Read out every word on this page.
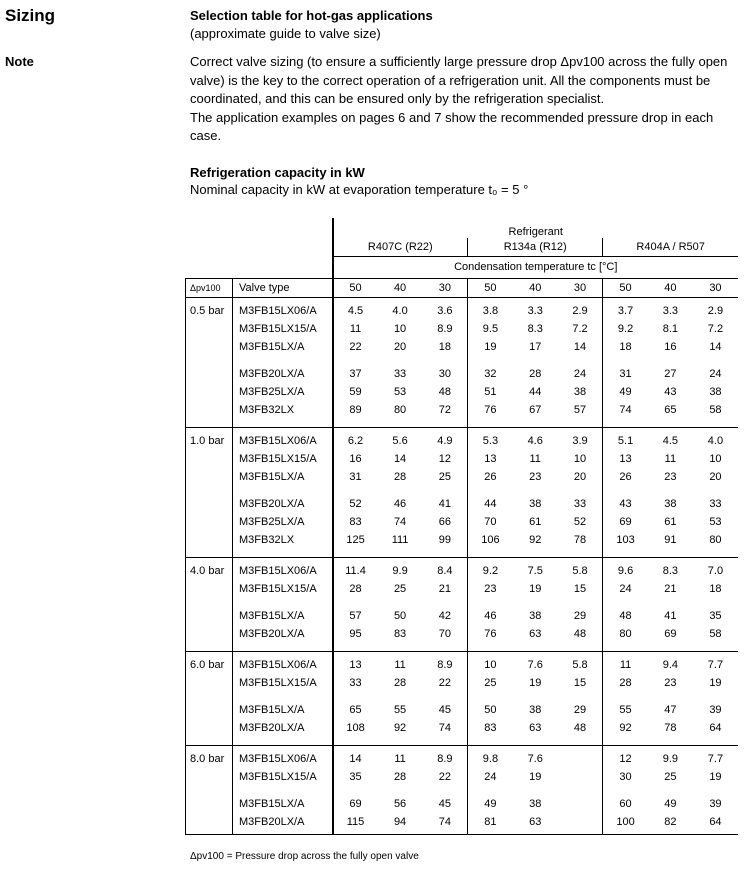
Sizing	Selection table for hot-gas applications
(approximate guide to valve size)
Note	Correct valve sizing (to ensure a sufficiently large pressure drop Δpv100 across the fully open valve) is the key to the correct operation of a refrigeration unit. All the components must be coordinated, and this can be ensured only by the refrigeration specialist.
The application examples on pages 6 and 7 show the recommended pressure drop in each case.
Refrigeration capacity in kW
Nominal capacity in kW at evaporation temperature t₀ = 5 °
		Refrigerant								
		R407C (R22)			R134a (R12)			R404A / R507		
		Condensation temperature tc [°C]								
Δpv100	Valve type	50	40	30	50	40	30	50	40	30

0.5 bar	M3FB15LX06/A	4.5	4.0	3.6	3.8	3.3	2.9	3.7	3.3	2.9
	M3FB15LX15/A	11	10	8.9	9.5	8.3	7.2	9.2	8.1	7.2
	M3FB15LX/A	22	20	18	19	17	14	18	16	14

	M3FB20LX/A	37	33	30	32	28	24	31	27	24
	M3FB25LX/A	59	53	48	51	44	38	49	43	38
	M3FB32LX	89	80	72	76	67	57	74	65	58

1.0 bar	M3FB15LX06/A	6.2	5.6	4.9	5.3	4.6	3.9	5.1	4.5	4.0
	M3FB15LX15/A	16	14	12	13	11	10	13	11	10
	M3FB15LX/A	31	28	25	26	23	20	26	23	20

	M3FB20LX/A	52	46	41	44	38	33	43	38	33
	M3FB25LX/A	83	74	66	70	61	52	69	61	53
	M3FB32LX	125	111	99	106	92	78	103	91	80

4.0 bar	M3FB15LX06/A	11.4	9.9	8.4	9.2	7.5	5.8	9.6	8.3	7.0
	M3FB15LX15/A	28	25	21	23	19	15	24	21	18

	M3FB15LX/A	57	50	42	46	38	29	48	41	35
	M3FB20LX/A	95	83	70	76	63	48	80	69	58

6.0 bar	M3FB15LX06/A	13	11	8.9	10	7.6	5.8	11	9.4	7.7
	M3FB15LX15/A	33	28	22	25	19	15	28	23	19

	M3FB15LX/A	65	55	45	50	38	29	55	47	39
	M3FB20LX/A	108	92	74	83	63	48	92	78	64

8.0 bar	M3FB15LX06/A	14	11	8.9	9.8	7.6		12	9.9	7.7
	M3FB15LX15/A	35	28	22	24	19		30	25	19

	M3FB15LX/A	69	56	45	49	38		60	49	39
	M3FB20LX/A	115	94	74	81	63		100	82	64

Δpv100 = Pressure drop across the fully open valve
